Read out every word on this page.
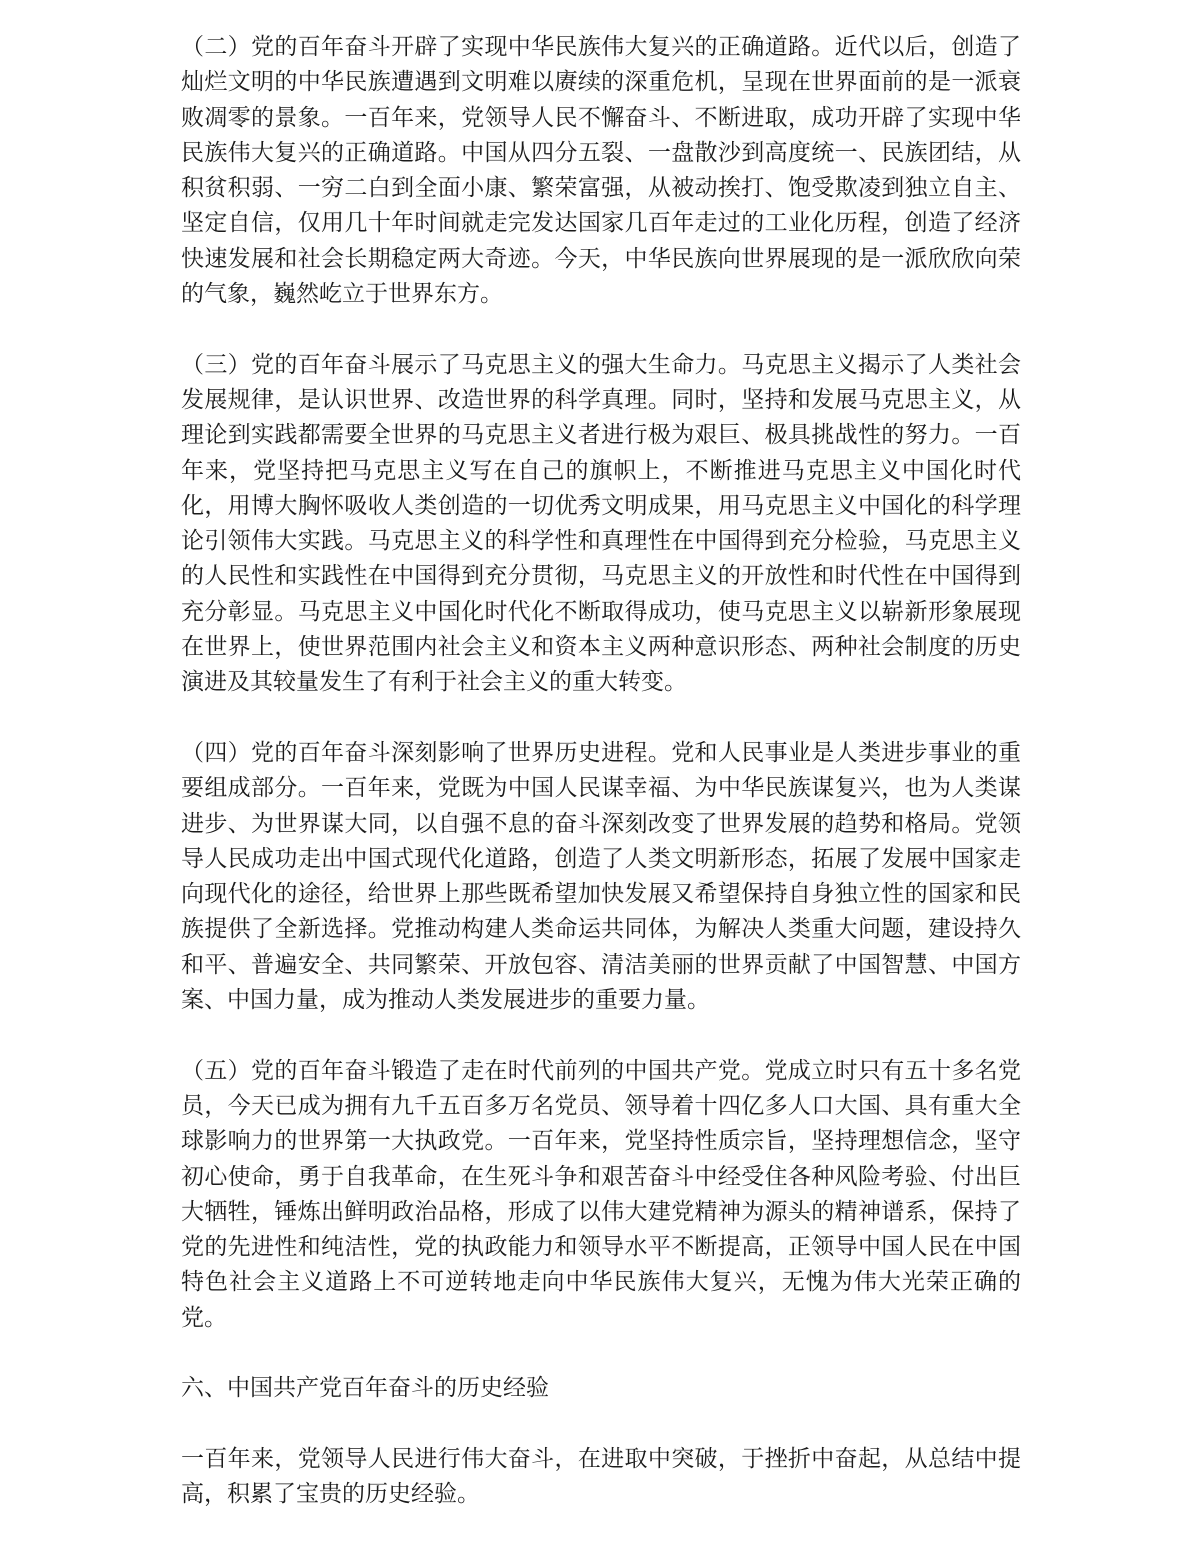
（二）党的百年奋斗开辟了实现中华民族伟大复兴的正确道路。近代以后，创造了灿烂文明的中华民族遭遇到文明难以赓续的深重危机，呈现在世界面前的是一派衰败凋零的景象。一百年来，党领导人民不懈奋斗、不断进取，成功开辟了实现中华民族伟大复兴的正确道路。中国从四分五裂、一盘散沙到高度统一、民族团结，从积贫积弱、一穷二白到全面小康、繁荣富强，从被动挨打、饱受欺凌到独立自主、坚定自信，仅用几十年时间就走完发达国家几百年走过的工业化历程，创造了经济快速发展和社会长期稳定两大奇迹。今天，中华民族向世界展现的是一派欣欣向荣的气象，巍然屹立于世界东方。

（三）党的百年奋斗展示了马克思主义的强大生命力。马克思主义揭示了人类社会发展规律，是认识世界、改造世界的科学真理。同时，坚持和发展马克思主义，从理论到实践都需要全世界的马克思主义者进行极为艰巨、极具挑战性的努力。一百年来，党坚持把马克思主义写在自己的旗帜上，不断推进马克思主义中国化时代化，用博大胸怀吸收人类创造的一切优秀文明成果，用马克思主义中国化的科学理论引领伟大实践。马克思主义的科学性和真理性在中国得到充分检验，马克思主义的人民性和实践性在中国得到充分贯彻，马克思主义的开放性和时代性在中国得到充分彰显。马克思主义中国化时代化不断取得成功，使马克思主义以崭新形象展现在世界上，使世界范围内社会主义和资本主义两种意识形态、两种社会制度的历史演进及其较量发生了有利于社会主义的重大转变。

（四）党的百年奋斗深刻影响了世界历史进程。党和人民事业是人类进步事业的重要组成部分。一百年来，党既为中国人民谋幸福、为中华民族谋复兴，也为人类谋进步、为世界谋大同，以自强不息的奋斗深刻改变了世界发展的趋势和格局。党领导人民成功走出中国式现代化道路，创造了人类文明新形态，拓展了发展中国家走向现代化的途径，给世界上那些既希望加快发展又希望保持自身独立性的国家和民族提供了全新选择。党推动构建人类命运共同体，为解决人类重大问题，建设持久和平、普遍安全、共同繁荣、开放包容、清洁美丽的世界贡献了中国智慧、中国方案、中国力量，成为推动人类发展进步的重要力量。

（五）党的百年奋斗锻造了走在时代前列的中国共产党。党成立时只有五十多名党员，今天已成为拥有九千五百多万名党员、领导着十四亿多人口大国、具有重大全球影响力的世界第一大执政党。一百年来，党坚持性质宗旨，坚持理想信念，坚守初心使命，勇于自我革命，在生死斗争和艰苦奋斗中经受住各种风险考验、付出巨大牺牲，锤炼出鲜明政治品格，形成了以伟大建党精神为源头的精神谱系，保持了党的先进性和纯洁性，党的执政能力和领导水平不断提高，正领导中国人民在中国特色社会主义道路上不可逆转地走向中华民族伟大复兴，无愧为伟大光荣正确的党。

六、中国共产党百年奋斗的历史经验

一百年来，党领导人民进行伟大奋斗，在进取中突破，于挫折中奋起，从总结中提高，积累了宝贵的历史经验。
